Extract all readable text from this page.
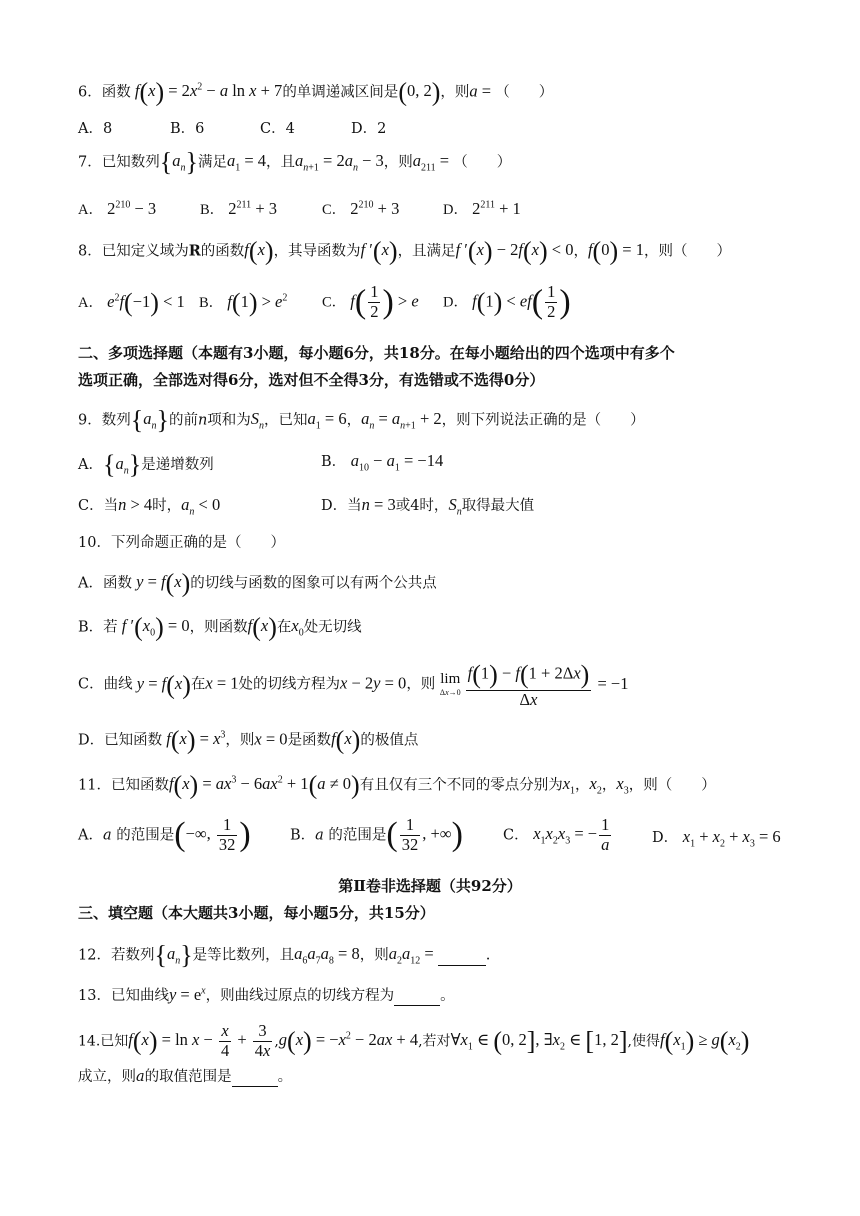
6．函数 $f(x) = 2x^2 - a$ ln x + 7的单调递减区间是(0, 2)，则a = （　　）
A．8	B．6	C．4	D．2
7．已知数列$\{a_n\}$满足$a_1 = 4$，且$a_{n+1} = 2a_n - 3$，则$a_{211}$ = （　　）
A． $2^{210} - 3$	B． $2^{211} + 3$	C． $2^{210} + 3$	D． $2^{211} + 1$
8．已知定义域为R的函数f(x)，其导函数为f ′(x)，且满足f ′(x) − 2f(x) < 0，f(0) = 1，则（　　）
A． $e^2f(-1) < 1$ B． $f(1) > e^2$ C． $f( \frac{1}{2}$ ) > e D． $f(1) < ef( \frac{1}{2}$ )
二、多项选择题（本题有3小题，每小题6分，共18分。在每小题给出的四个选项中有多个
选项正确，全部选对得6分，选对但不全得3分，有选错或不选得0分）
9．数列$\{a_n\}$的前n项和为$S_n$，已知$a_1 = 6$，$a_n = a_{n+1} + 2$，则下列说法正确的是（　　）
A．$\{a_n\}$是递增数列	B． $a_{10} - a_1 = -14$
C．当n > 4时，$a_n < 0$	D．当n = 3或4时，$S_n$取得最大值
10．下列命题正确的是（　　）
A．函数 y = f(x)的切线与函数的图象可以有两个公共点
B．若 f $'(x_0) = 0$，则函数f(x)在$x_0$处无切线
C．曲线 y = f(x)在x = 1处的切线方程为x − 2y = 0，则 lim
$\Delta x\to 0 \frac{f(1) - f(1 + 2\Delta x)}{\Delta x} = -1$
D．已知函数 $f(x) = x^3$，则x = 0是函数f(x)的极值点
11．已知函数$f(x) = ax^3 - 6ax^2 + 1(a \ne 0)$有且仅有三个不同的零点分别为$x_1$，$x_2$，$x_3$，则（　　）
A．a 的范围是(−∞, $\frac{1}{32}$ )	B．a 的范围是( $\frac{1}{32}$ , +∞)	C． $x_1x_2x_3$ = − $\frac{1}{a}$	D． $x_1 + x_2 + x_3 = 6$
第Ⅱ卷非选择题（共92分）
三、填空题（本大题共3小题，每小题5分，共15分）
12．若数列$\{a_n\}$是等比数列，且$a_6a_7a_8 = 8$，则$a_2a_{12}$ =	.
13．已知曲线$y = e^x$，则曲线过原点的切线方程为	。
14.已知$f(x) = \ln x - \frac{x}{4} + \frac{3}{4x} ,g(x) = -x^2 - 2ax + 4$,若对$\forall x_1$ ∈ (0, 2], $\exists x_2$ ∈ [1, 2],使得$f(x_1) \ge g(x_2)$
成立，则a的取值范围是	。
